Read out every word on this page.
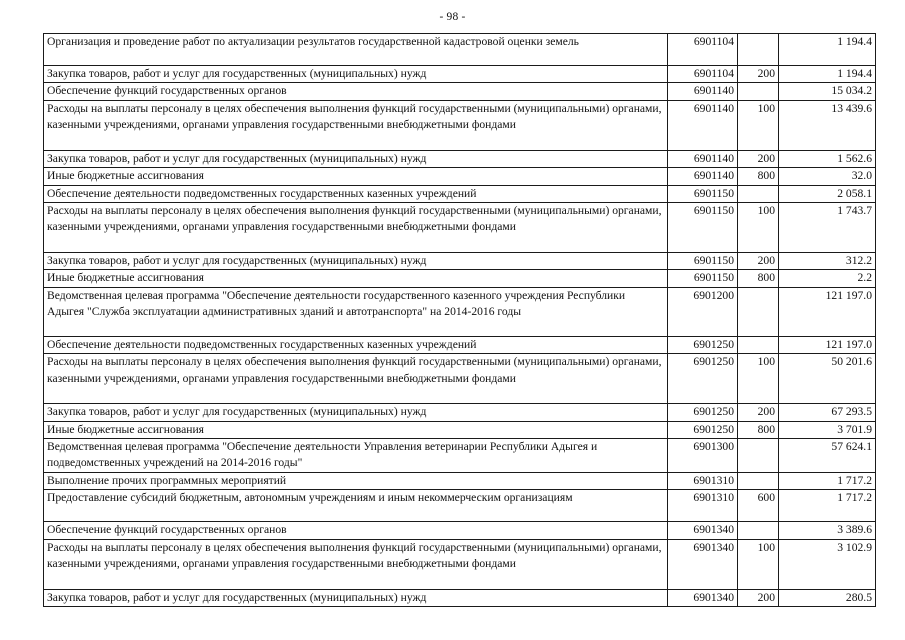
- 98 -
Организация и проведение работ по актуализации результатов государственной кадастровой оценки земель	6901104		1 194.4
Закупка товаров, работ и услуг для государственных (муниципальных) нужд	6901104	200	1 194.4
Обеспечение функций государственных органов	6901140		15 034.2
Расходы на выплаты персоналу в целях обеспечения выполнения функций государственными (муниципальными) органами, казенными учреждениями, органами управления государственными внебюджетными фондами	6901140	100	13 439.6
Закупка товаров, работ и услуг для государственных (муниципальных) нужд	6901140	200	1 562.6
Иные бюджетные ассигнования	6901140	800	32.0
Обеспечение деятельности подведомственных государственных казенных учреждений	6901150		2 058.1
Расходы на выплаты персоналу в целях обеспечения выполнения функций государственными (муниципальными) органами, казенными учреждениями, органами управления государственными внебюджетными фондами	6901150	100	1 743.7
Закупка товаров, работ и услуг для государственных (муниципальных) нужд	6901150	200	312.2
Иные бюджетные ассигнования	6901150	800	2.2
Ведомственная целевая программа "Обеспечение деятельности государственного казенного учреждения Республики Адыгея "Служба эксплуатации административных зданий и автотранспорта" на 2014-2016 годы	6901200		121 197.0
Обеспечение деятельности подведомственных государственных казенных учреждений	6901250		121 197.0
Расходы на выплаты персоналу в целях обеспечения выполнения функций государственными (муниципальными) органами, казенными учреждениями, органами управления государственными внебюджетными фондами	6901250	100	50 201.6
Закупка товаров, работ и услуг для государственных (муниципальных) нужд	6901250	200	67 293.5
Иные бюджетные ассигнования	6901250	800	3 701.9
Ведомственная целевая программа "Обеспечение деятельности Управления ветеринарии Республики Адыгея и подведомственных учреждений на 2014-2016 годы"	6901300		57 624.1
Выполнение прочих программных мероприятий	6901310		1 717.2
Предоставление субсидий бюджетным, автономным учреждениям и иным некоммерческим организациям	6901310	600	1 717.2
Обеспечение функций государственных органов	6901340		3 389.6
Расходы на выплаты персоналу в целях обеспечения выполнения функций государственными (муниципальными) органами, казенными учреждениями, органами управления государственными внебюджетными фондами	6901340	100	3 102.9
Закупка товаров, работ и услуг для государственных (муниципальных) нужд	6901340	200	280.5
